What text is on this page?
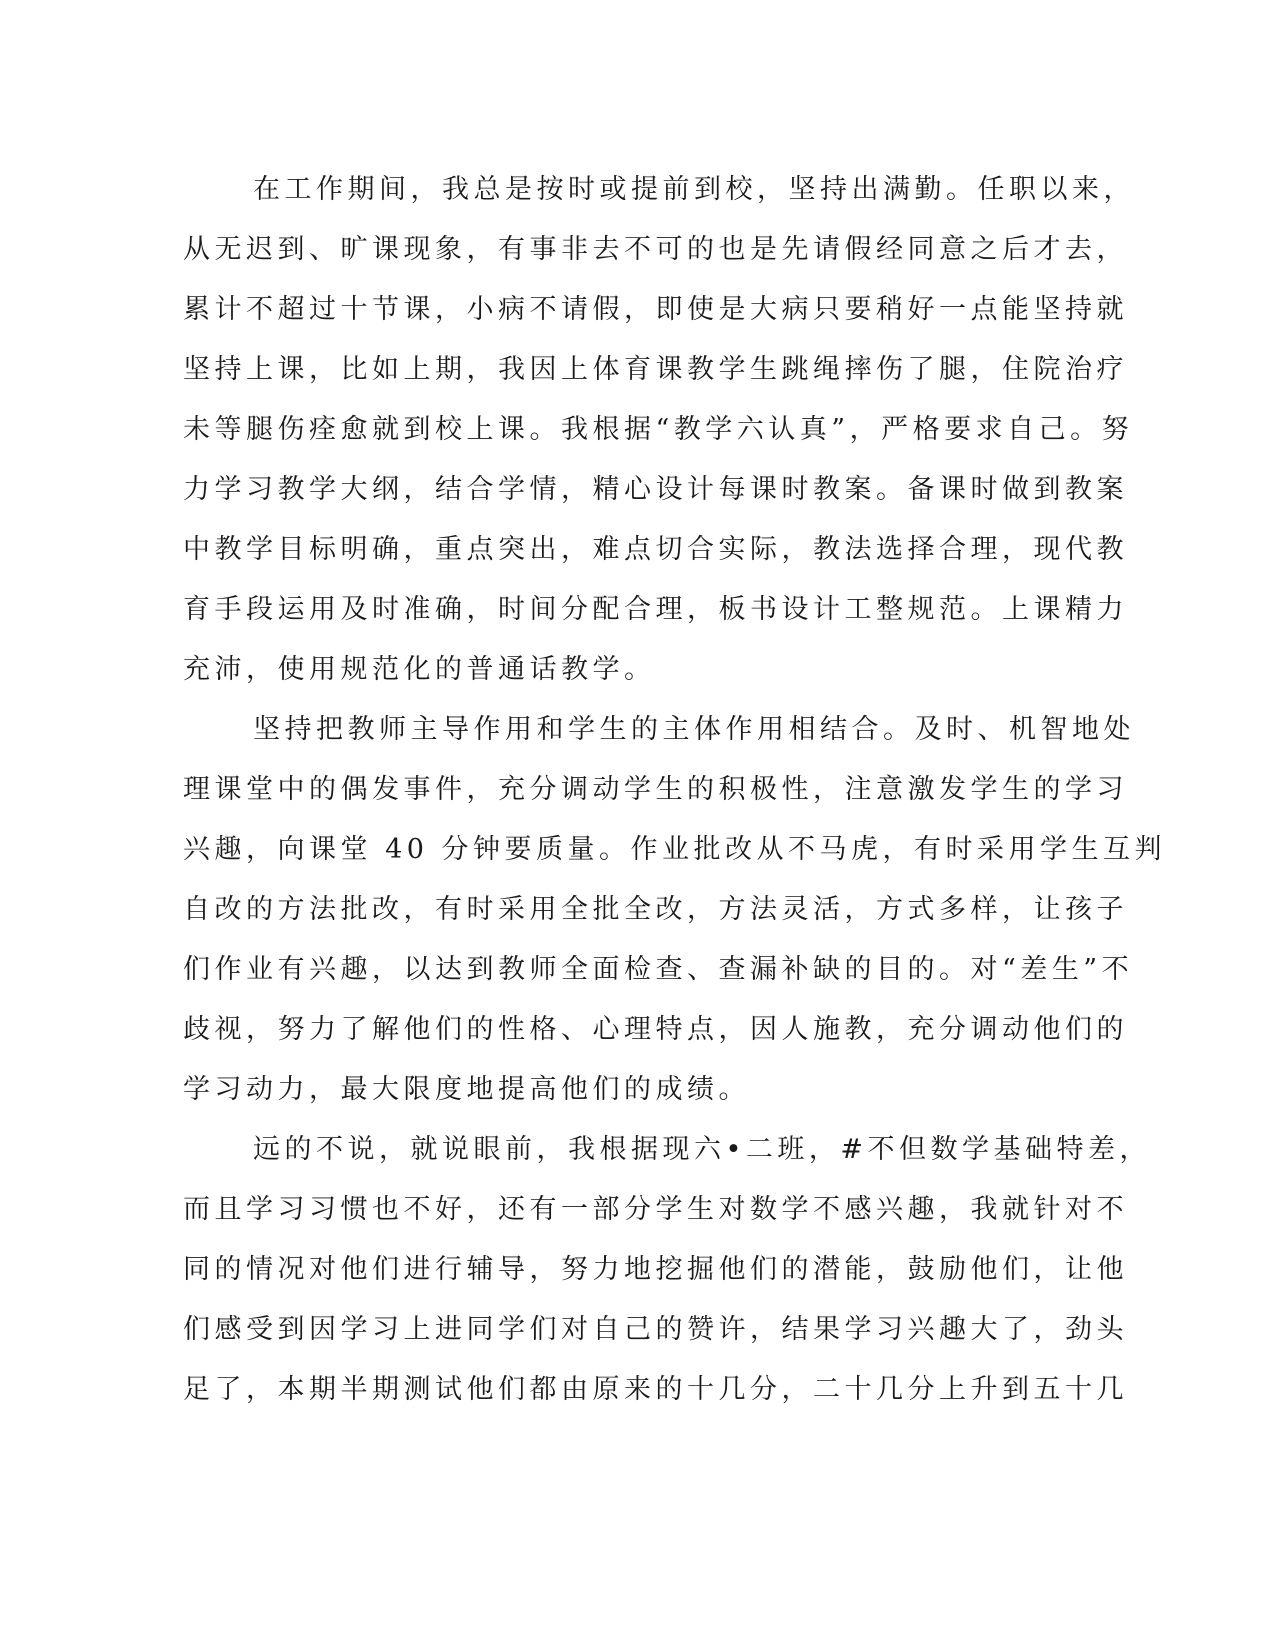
在工作期间，我总是按时或提前到校，坚持出满勤。任职以来，
从无迟到、旷课现象，有事非去不可的也是先请假经同意之后才去，
累计不超过十节课，小病不请假，即使是大病只要稍好一点能坚持就
坚持上课，比如上期，我因上体育课教学生跳绳摔伤了腿，住院治疗
未等腿伤痊愈就到校上课。我根据“教学六认真”，严格要求自己。努
力学习教学大纲，结合学情，精心设计每课时教案。备课时做到教案
中教学目标明确，重点突出，难点切合实际，教法选择合理，现代教
育手段运用及时准确，时间分配合理，板书设计工整规范。上课精力
充沛，使用规范化的普通话教学。
坚持把教师主导作用和学生的主体作用相结合。及时、机智地处
理课堂中的偶发事件，充分调动学生的积极性，注意激发学生的学习
兴趣，向课堂 40 分钟要质量。作业批改从不马虎，有时采用学生互判
自改的方法批改，有时采用全批全改，方法灵活，方式多样，让孩子
们作业有兴趣，以达到教师全面检查、查漏补缺的目的。对“差生”不
歧视，努力了解他们的性格、心理特点，因人施教，充分调动他们的
学习动力，最大限度地提高他们的成绩。
远的不说，就说眼前，我根据现六•二班，#不但数学基础特差，
而且学习习惯也不好，还有一部分学生对数学不感兴趣，我就针对不
同的情况对他们进行辅导，努力地挖掘他们的潜能，鼓励他们，让他
们感受到因学习上进同学们对自己的赞许，结果学习兴趣大了，劲头
足了，本期半期测试他们都由原来的十几分，二十几分上升到五十几
